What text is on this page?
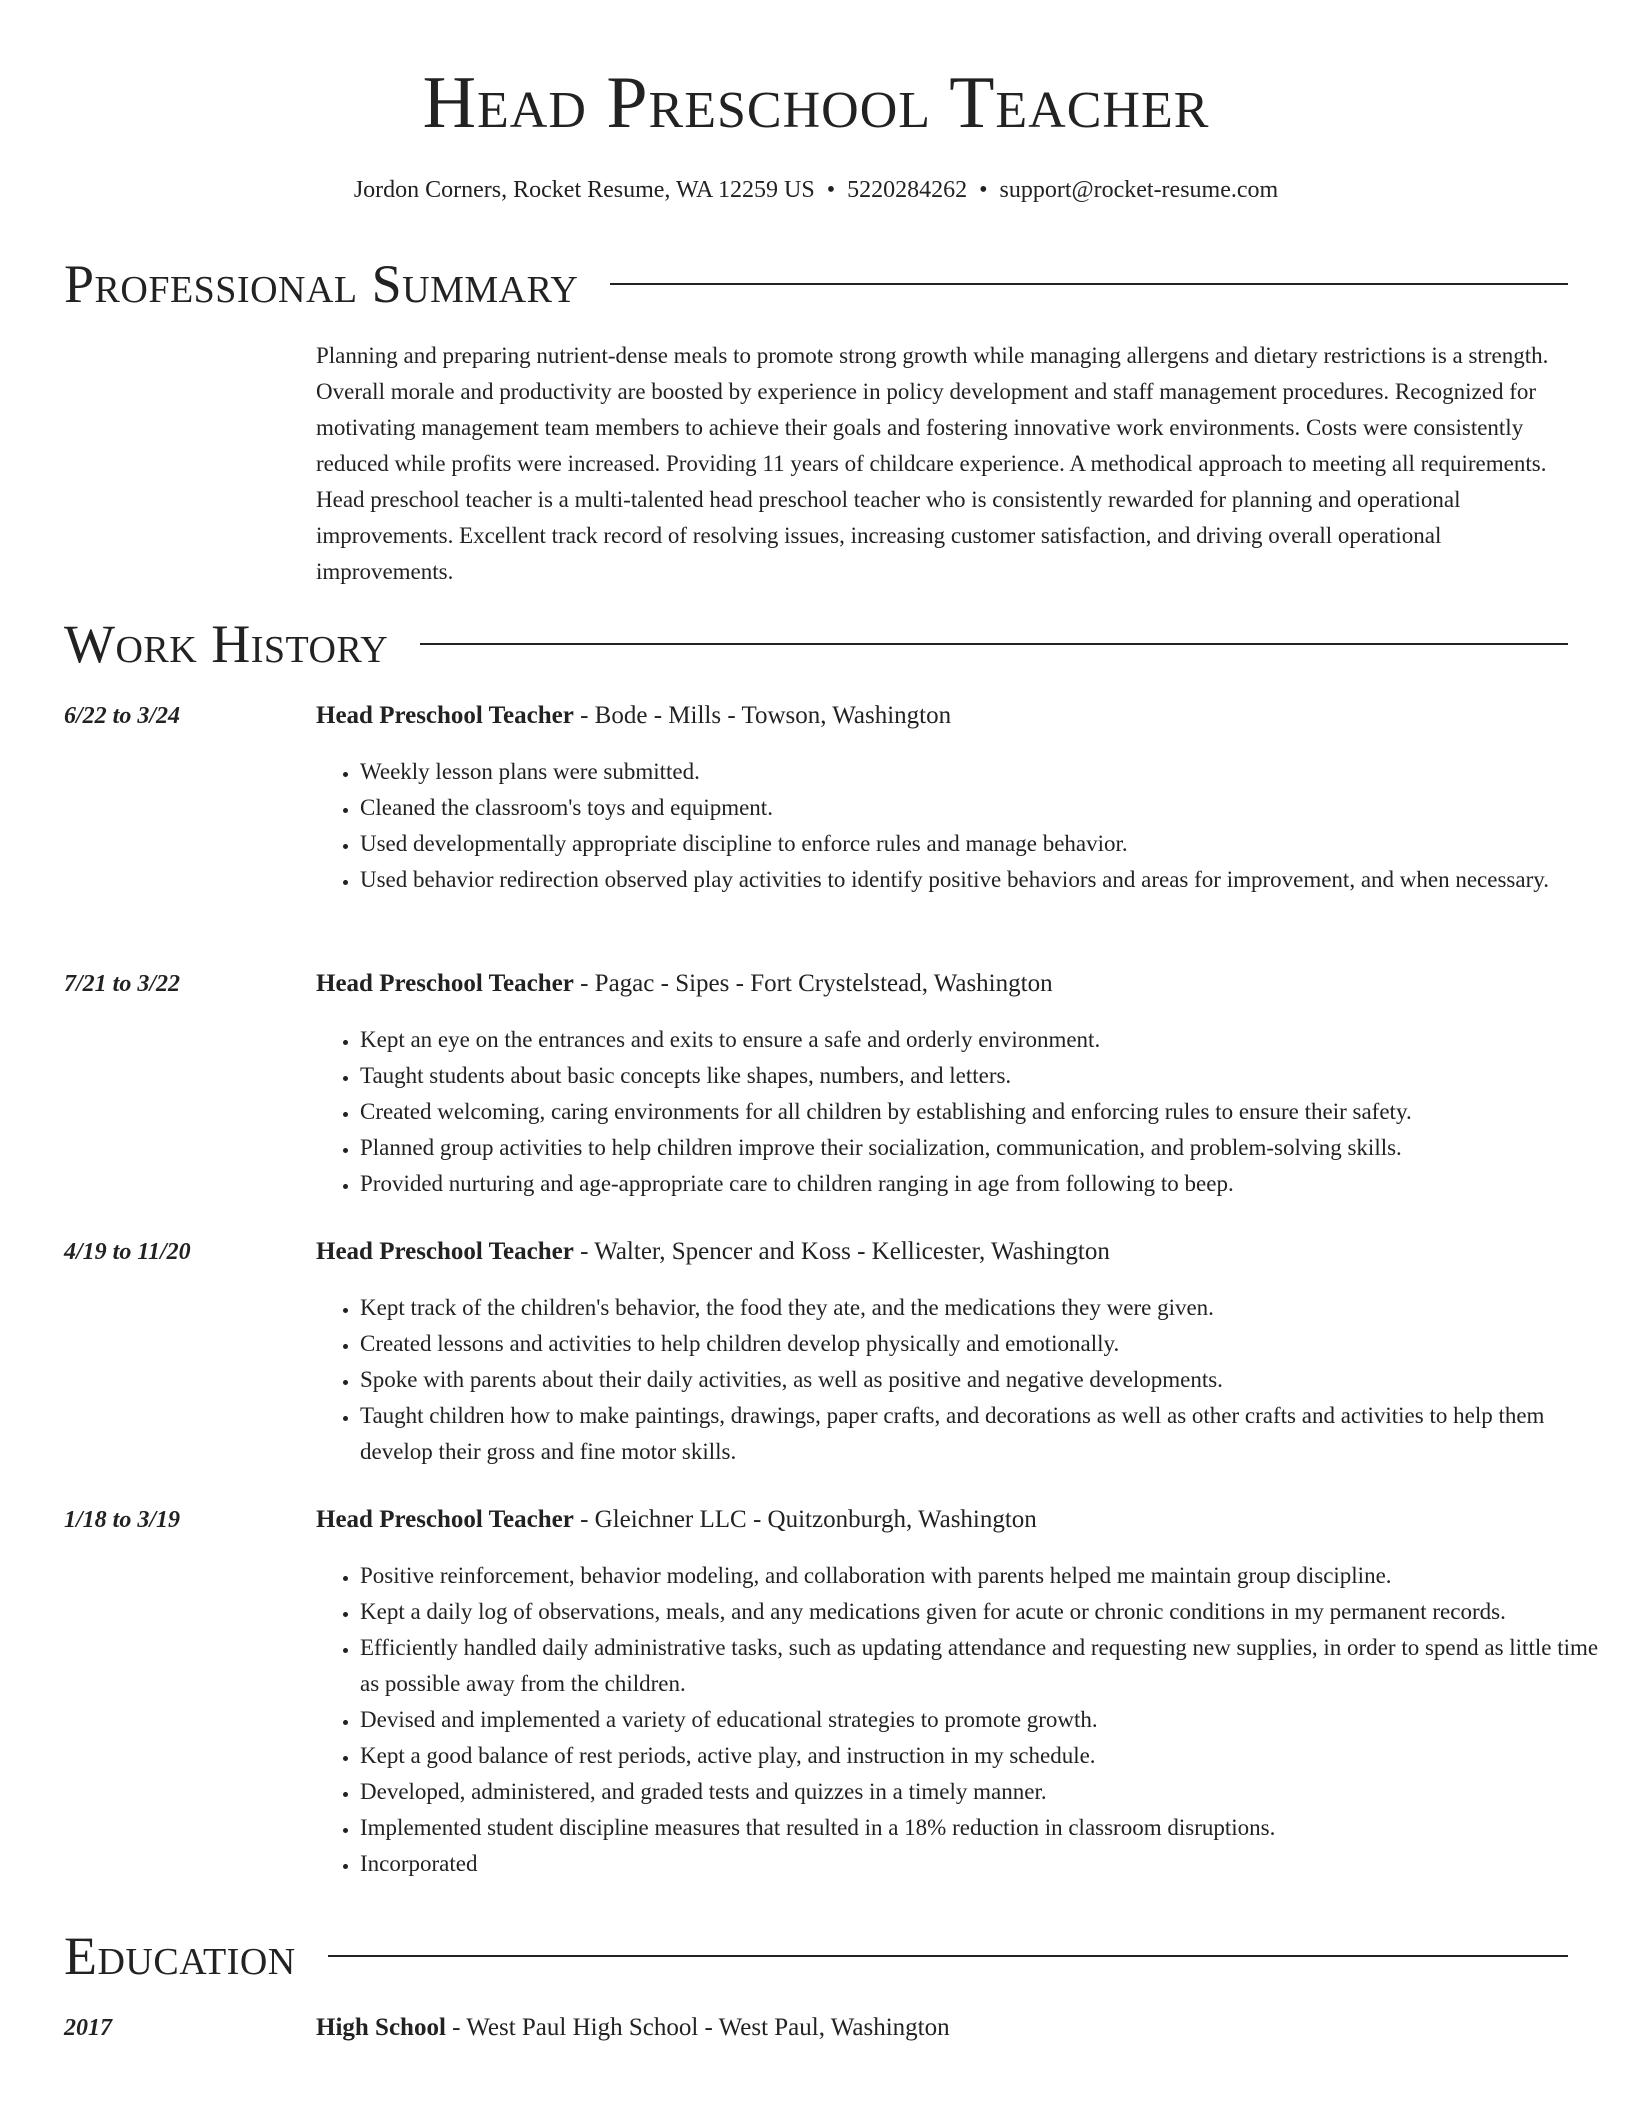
Head Preschool Teacher
Jordon Corners, Rocket Resume, WA 12259 US • 5220284262 • support@rocket-resume.com
Professional Summary

Planning and preparing nutrient-dense meals to promote strong growth while managing allergens and dietary restrictions is a strength. Overall morale and productivity are boosted by experience in policy development and staff management procedures. Recognized for motivating management team members to achieve their goals and fostering innovative work environments. Costs were consistently reduced while profits were increased. Providing 11 years of childcare experience. A methodical approach to meeting all requirements. Head preschool teacher is a multi-talented head preschool teacher who is consistently rewarded for planning and operational improvements. Excellent track record of resolving issues, increasing customer satisfaction, and driving overall operational improvements.

Work History
6/22 to 3/24	Head Preschool Teacher - Bode - Mills - Towson, Washington
• Weekly lesson plans were submitted.
• Cleaned the classroom's toys and equipment.
• Used developmentally appropriate discipline to enforce rules and manage behavior.
• Used behavior redirection observed play activities to identify positive behaviors and areas for improvement, and when necessary.
7/21 to 3/22	Head Preschool Teacher - Pagac - Sipes - Fort Crystelstead, Washington
• Kept an eye on the entrances and exits to ensure a safe and orderly environment.
• Taught students about basic concepts like shapes, numbers, and letters.
• Created welcoming, caring environments for all children by establishing and enforcing rules to ensure their safety.
• Planned group activities to help children improve their socialization, communication, and problem-solving skills.
• Provided nurturing and age-appropriate care to children ranging in age from following to beep.
4/19 to 11/20	Head Preschool Teacher - Walter, Spencer and Koss - Kellicester, Washington
• Kept track of the children's behavior, the food they ate, and the medications they were given.
• Created lessons and activities to help children develop physically and emotionally.
• Spoke with parents about their daily activities, as well as positive and negative developments.
• Taught children how to make paintings, drawings, paper crafts, and decorations as well as other crafts and activities to help them develop their gross and fine motor skills.
1/18 to 3/19	Head Preschool Teacher - Gleichner LLC - Quitzonburgh, Washington
• Positive reinforcement, behavior modeling, and collaboration with parents helped me maintain group discipline.
• Kept a daily log of observations, meals, and any medications given for acute or chronic conditions in my permanent records.
• Efficiently handled daily administrative tasks, such as updating attendance and requesting new supplies, in order to spend as little time as possible away from the children.
• Devised and implemented a variety of educational strategies to promote growth.
• Kept a good balance of rest periods, active play, and instruction in my schedule.
• Developed, administered, and graded tests and quizzes in a timely manner.
• Implemented student discipline measures that resulted in a 18% reduction in classroom disruptions.
• Incorporated
Education
2017	High School - West Paul High School - West Paul, Washington
